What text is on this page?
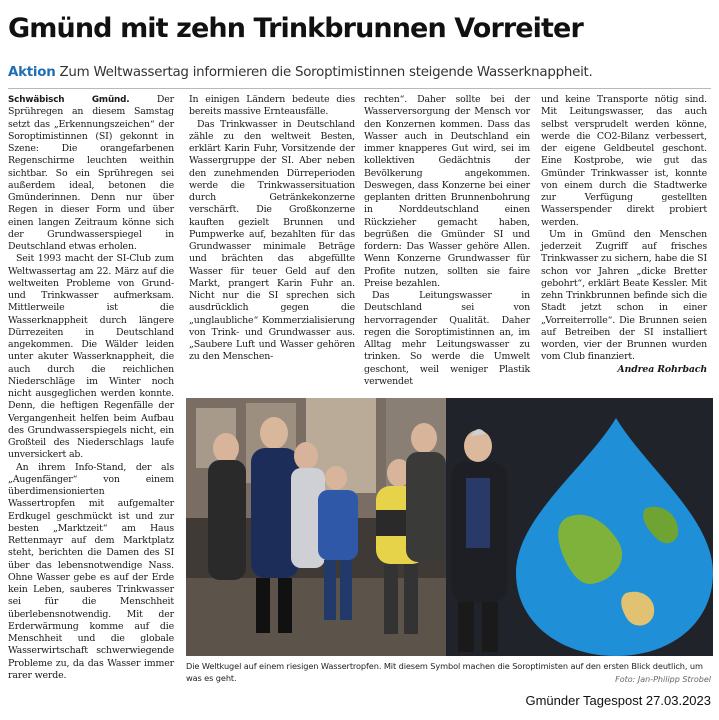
Gmünd mit zehn Trinkbrunnen Vorreiter
Aktion Zum Weltwassertag informieren die Soroptimistinnen steigende Wasserknappheit.

Schwäbisch Gmünd.	Der Sprühregen an diesem Samstag setzt das „Erkennungszeichen“ der Soroptimistinnen (SI) gekonnt in Szene: Die orangefarbenen Regenschirme leuchten weithin sichtbar. So ein Sprühregen sei außerdem ideal, betonen die Gmünderinnen. Denn nur über Regen in dieser Form und über einen langen Zeitraum könne sich der Grundwasserspiegel in Deutschland etwas erholen.

Seit 1993 macht der SI-Club zum Weltwassertag am 22. März auf die weltweiten Probleme von Grund- und Trinkwasser aufmerksam. Mittlerweile ist die Wasserknappheit durch längere Dürrezeiten in Deutschland angekommen. Die Wälder leiden unter akuter Wasserknappheit, die auch durch die reichlichen Niederschläge im Winter noch nicht ausgeglichen werden konnte. Denn, die heftigen Regenfälle der Vergangenheit helfen beim Aufbau des Grundwasserspiegels nicht, ein Großteil des Niederschlags laufe unversickert ab.

An ihrem Info-Stand, der als „Augenfänger“ von einem überdimensionierten Wassertropfen mit aufgemalter Erdkugel geschmückt ist und zur besten „Marktzeit“ am Haus Rettenmayr auf dem Marktplatz steht, berichten die Damen des SI über das lebensnotwendige Nass. Ohne Wasser gebe es auf der Erde kein Leben, sauberes Trinkwasser sei für die Menschheit überlebensnotwendig. Mit der Erderwärmung komme auf die Menschheit und die globale Wasserwirtschaft schwerwiegende Probleme zu, da das Wasser immer rarer werde.

In einigen Ländern bedeute dies bereits massive Ernteausfälle.

Das Trinkwasser in Deutschland zähle zu den weltweit Besten, erklärt Karin Fuhr, Vorsitzende der Wassergruppe der SI. Aber neben den zunehmenden Dürreperioden werde die Trinkwassersituation durch Getränkekonzerne verschärft. Die Großkonzerne kauften gezielt Brunnen und Pumpwerke auf, bezahlten für das Grundwasser minimale Beträge und brächten das abgefüllte Wasser für teuer Geld auf den Markt, prangert Karin Fuhr an. Nicht nur die SI sprechen sich ausdrücklich gegen die „unglaubliche“ Kommerzialisierung von Trink- und Grundwasser aus. „Saubere Luft und Wasser gehören zu den Menschen-

rechten“. Daher sollte bei der Wasserversorgung der Mensch vor den Konzernen kommen. Dass das Wasser auch in Deutschland ein immer knapperes Gut wird, sei im kollektiven Gedächtnis der Bevölkerung angekommen. Deswegen, dass Konzerne bei einer geplanten dritten Brunnenbohrung in Norddeutschland einen Rückzieher gemacht haben, begrüßen die Gmünder SI und fordern: Das Wasser gehöre Allen. Wenn Konzerne Grundwasser für Profite nutzen, sollten sie faire Preise bezahlen.

Das Leitungswasser in Deutschland sei von hervorragender Qualität. Daher regen die Soroptimistinnen an, im Alltag mehr Leitungswasser zu trinken. So werde die Umwelt geschont, weil weniger Plastik verwendet

und keine Transporte nötig sind. Mit Leitungswasser, das auch selbst versprudelt werden könne, werde die CO2-Bilanz verbessert, der eigene Geldbeutel geschont. Eine Kostprobe, wie gut das Gmünder Trinkwasser ist, konnte von einem durch die Stadtwerke zur Verfügung gestellten Wasserspender direkt probiert werden.

Um in Gmünd den Menschen jederzeit Zugriff auf frisches Trinkwasser zu sichern, habe die SI schon vor Jahren „dicke Bretter gebohrt“, erklärt Beate Kessler. Mit zehn Trinkbrunnen befinde sich die Stadt jetzt schon in einer „Vorreiterrolle“. Die Brunnen seien auf Betreiben der SI installiert worden, vier der Brunnen wurden vom Club finanziert.

Andrea Rohrbach
Die Weltkugel auf einem riesigen Wassertropfen. Mit diesem Symbol machen die Soroptimisten auf den ersten Blick deutlich, um was es geht.	Foto: Jan-Philipp Strobel
Gmünder Tagespost 27.03.2023
